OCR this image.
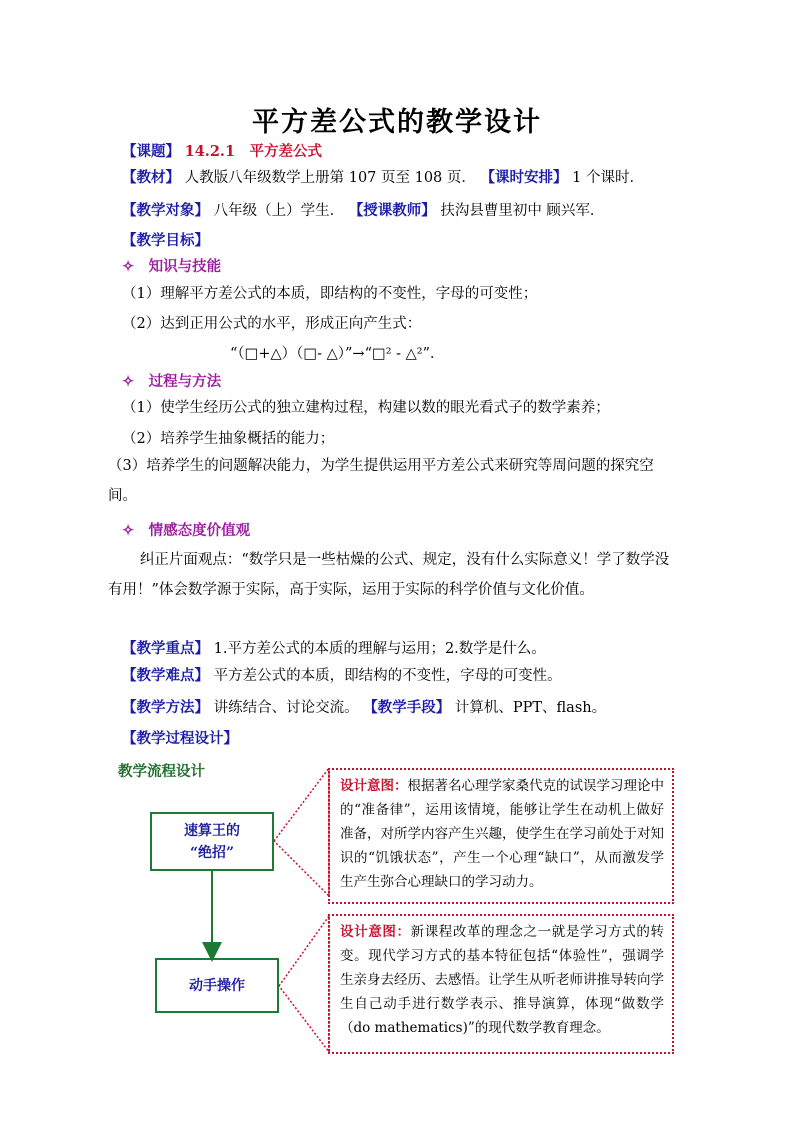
平方差公式的教学设计
【课题】 14.2.1　平方差公式
【教材】 人教版八年级数学上册第 107 页至 108 页． 【课时安排】 1 个课时．
【教学对象】 八年级（上）学生． 【授课教师】 扶沟县曹里初中 顾兴军．
【教学目标】
✧　知识与技能
（1）理解平方差公式的本质，即结构的不变性，字母的可变性；
（2）达到正用公式的水平，形成正向产生式：
“（□+△）（□- △）”→“□² - △²”．
✧　过程与方法
（1）使学生经历公式的独立建构过程，构建以数的眼光看式子的数学素养；
（2）培养学生抽象概括的能力；
（3）培养学生的问题解决能力，为学生提供运用平方差公式来研究等周问题的探究空间。
✧　情感态度价值观
纠正片面观点：“数学只是一些枯燥的公式、规定，没有什么实际意义！学了数学没有用！”体会数学源于实际，高于实际，运用于实际的科学价值与文化价值。
【教学重点】 1.平方差公式的本质的理解与运用；2.数学是什么。
【教学难点】 平方差公式的本质，即结构的不变性，字母的可变性。
【教学方法】 讲练结合、讨论交流。 【教学手段】 计算机、PPT、flash。
【教学过程设计】
教学流程设计
速算王的
“绝招”
动手操作
设计意图：根据著名心理学家桑代克的试误学习理论中的“准备律”，运用该情境，能够让学生在动机上做好准备，对所学内容产生兴趣，使学生在学习前处于对知识的“饥饿状态”，产生一个心理“缺口”，从而激发学生产生弥合心理缺口的学习动力。
设计意图：新课程改革的理念之一就是学习方式的转变。现代学习方式的基本特征包括“体验性”，强调学生亲身去经历、去感悟。让学生从听老师讲推导转向学生自己动手进行数学表示、推导演算，体现“做数学（do mathematics)”的现代数学教育理念。
